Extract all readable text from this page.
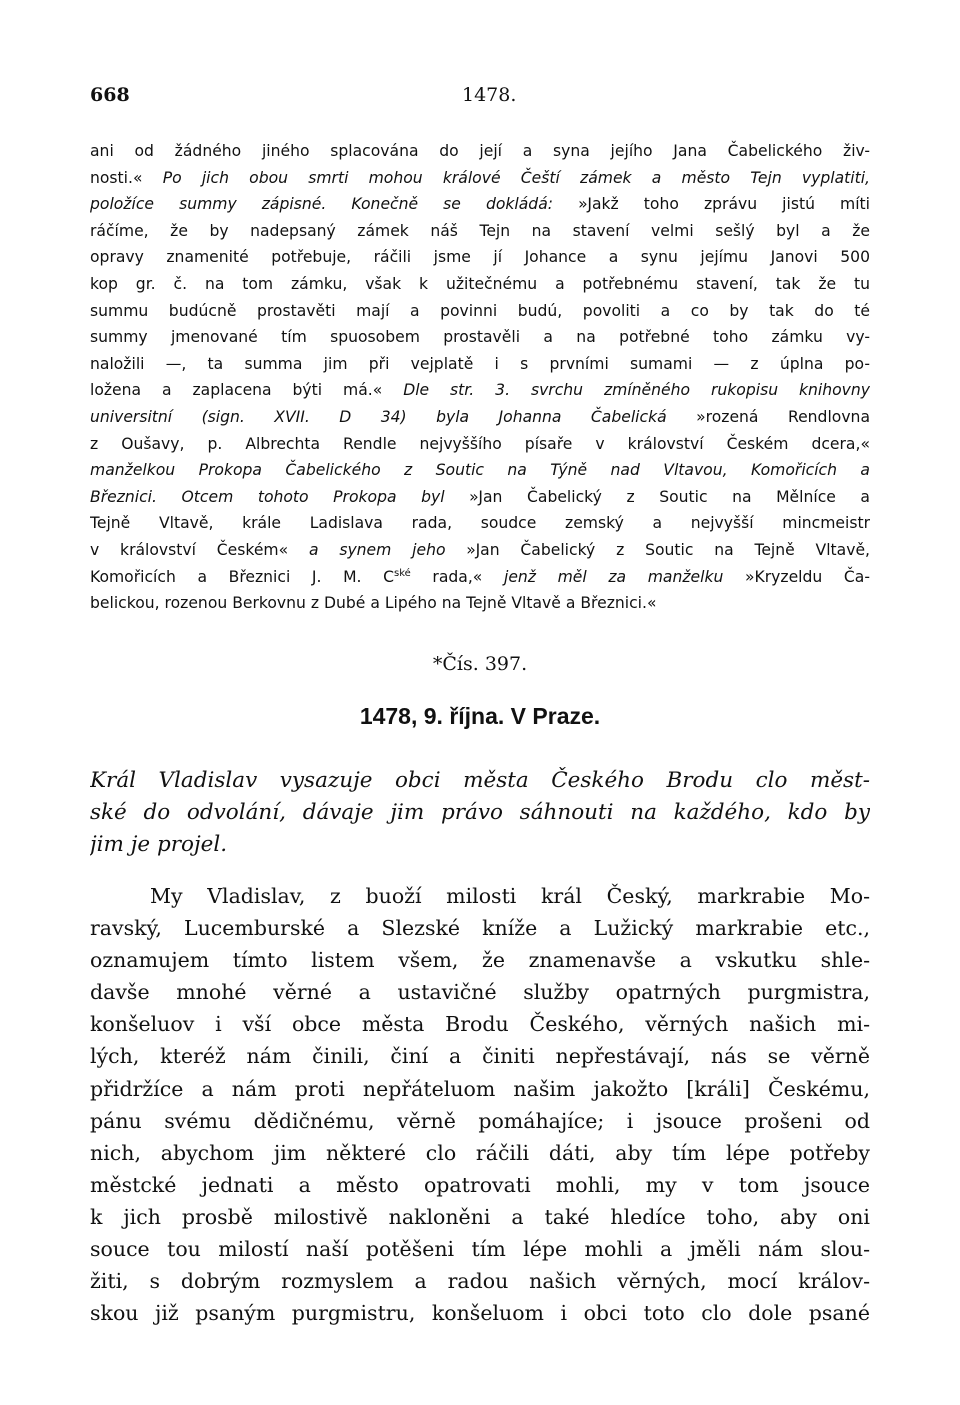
668	1478.
ani od žádného jiného splacována do její a syna jejího Jana Čabelického živ-
nosti.« Po jich obou smrti mohou králové Čeští zámek a město Tejn vyplatiti,
položíce summy zápisné. Konečně se dokládá: »Jakž toho zprávu jistú míti
ráčíme, že by nadepsaný zámek náš Tejn na stavení velmi sešlý byl a že
opravy znamenité potřebuje, ráčili jsme jí Johance a synu jejímu Janovi 500
kop gr. č. na tom zámku, však k užitečnému a potřebnému stavení, tak že tu
summu budúcně prostavěti mají a povinni budú, povoliti a co by tak do té
summy jmenované tím spuosobem prostavěli a na potřebné toho zámku vy-
naložili —, ta summa jim při vejplatě i s prvními sumami — z úplna po-
ložena a zaplacena býti má.« Dle str. 3. svrchu zmíněného rukopisu knihovny
universitní (sign. XVII. D 34) byla Johanna Čabelická »rozená Rendlovna
z Oušavy, p. Albrechta Rendle nejvyššího písaře v království Českém dcera,«
manželkou Prokopa Čabelického z Soutic na Týně nad Vltavou, Komořicích a
Březnici. Otcem tohoto Prokopa byl »Jan Čabelický z Soutic na Mělníce a
Tejně Vltavě, krále Ladislava rada, soudce zemský a nejvyšší mincmeistr
v království Českém« a synem jeho »Jan Čabelický z Soutic na Tejně Vltavě,
Komořicích a Březnici J. M. $C^{ské}$ rada,« jenž měl za manželku »Kryzeldu Ča-
belickou, rozenou Berkovnu z Dubé a Lipého na Tejně Vltavě a Březnici.«
*Čís. 397.
1478, 9. října. V Praze.
Král Vladislav vysazuje obci města Českého Brodu clo měst-
ské do odvolání, dávaje jim právo sáhnouti na každého, kdo by
jim je projel.
My Vladislav, z buoží milosti král Český, markrabie Mo-
ravský, Lucemburské a Slezské kníže a Lužický markrabie etc.,
oznamujem tímto listem všem, že znamenavše a vskutku shle-
davše mnohé věrné a ustavičné služby opatrných purgmistra,
konšeluov i vší obce města Brodu Českého, věrných našich mi-
lých, kteréž nám činili, činí a činiti nepřestávají, nás se věrně
přidržíce a nám proti nepřáteluom našim jakožto [králi] Českému,
pánu svému dědičnému, věrně pomáhajíce; i jsouce prošeni od
nich, abychom jim některé clo ráčili dáti, aby tím lépe potřeby
městcké jednati a město opatrovati mohli, my v tom jsouce
k jich prosbě milostivě nakloněni a také hledíce toho, aby oni
souce tou milostí naší potěšeni tím lépe mohli a jměli nám slou-
žiti, s dobrým rozmyslem a radou našich věrných, mocí králov-
skou již psaným purgmistru, konšeluom i obci toto clo dole psané
